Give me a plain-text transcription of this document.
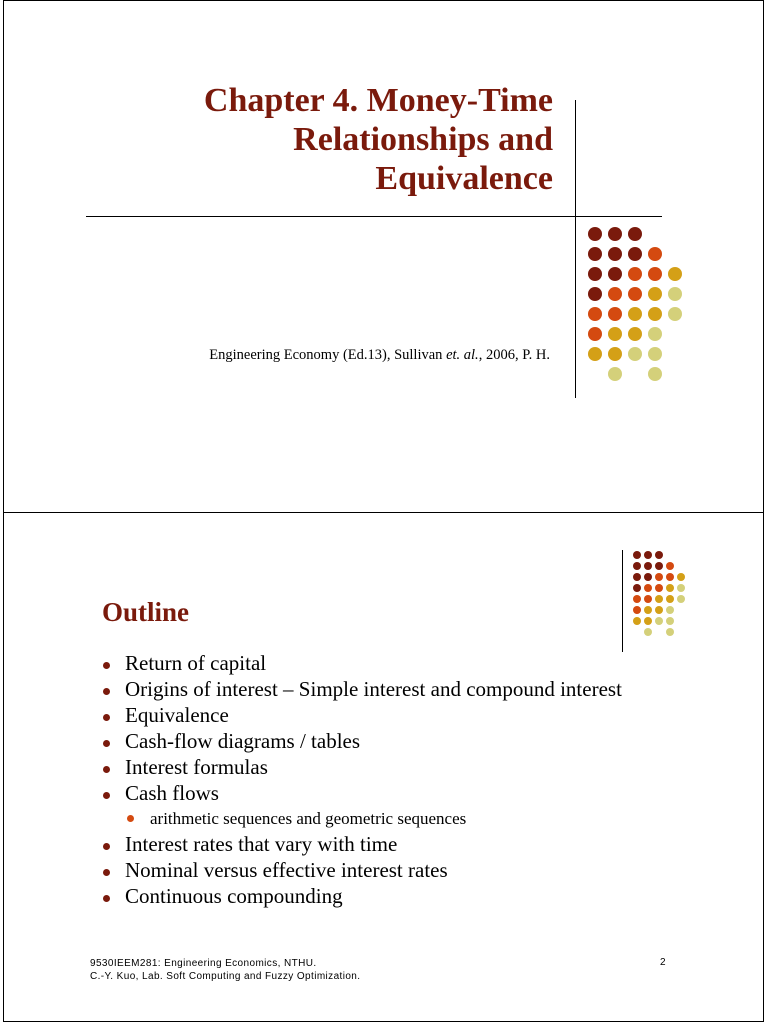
Chapter 4. Money-Time
Relationships and
Equivalence
Engineering Economy (Ed.13), Sullivan et. al., 2006, P. H.
Outline
Return of capital
Origins of interest – Simple interest and compound interest
Equivalence
Cash-flow diagrams / tables
Interest formulas
Cash flows
arithmetic sequences and geometric sequences
Interest rates that vary with time
Nominal versus effective interest rates
Continuous compounding
9530IEEM281: Engineering Economics, NTHU.
C.-Y. Kuo, Lab. Soft Computing and Fuzzy Optimization.
2
